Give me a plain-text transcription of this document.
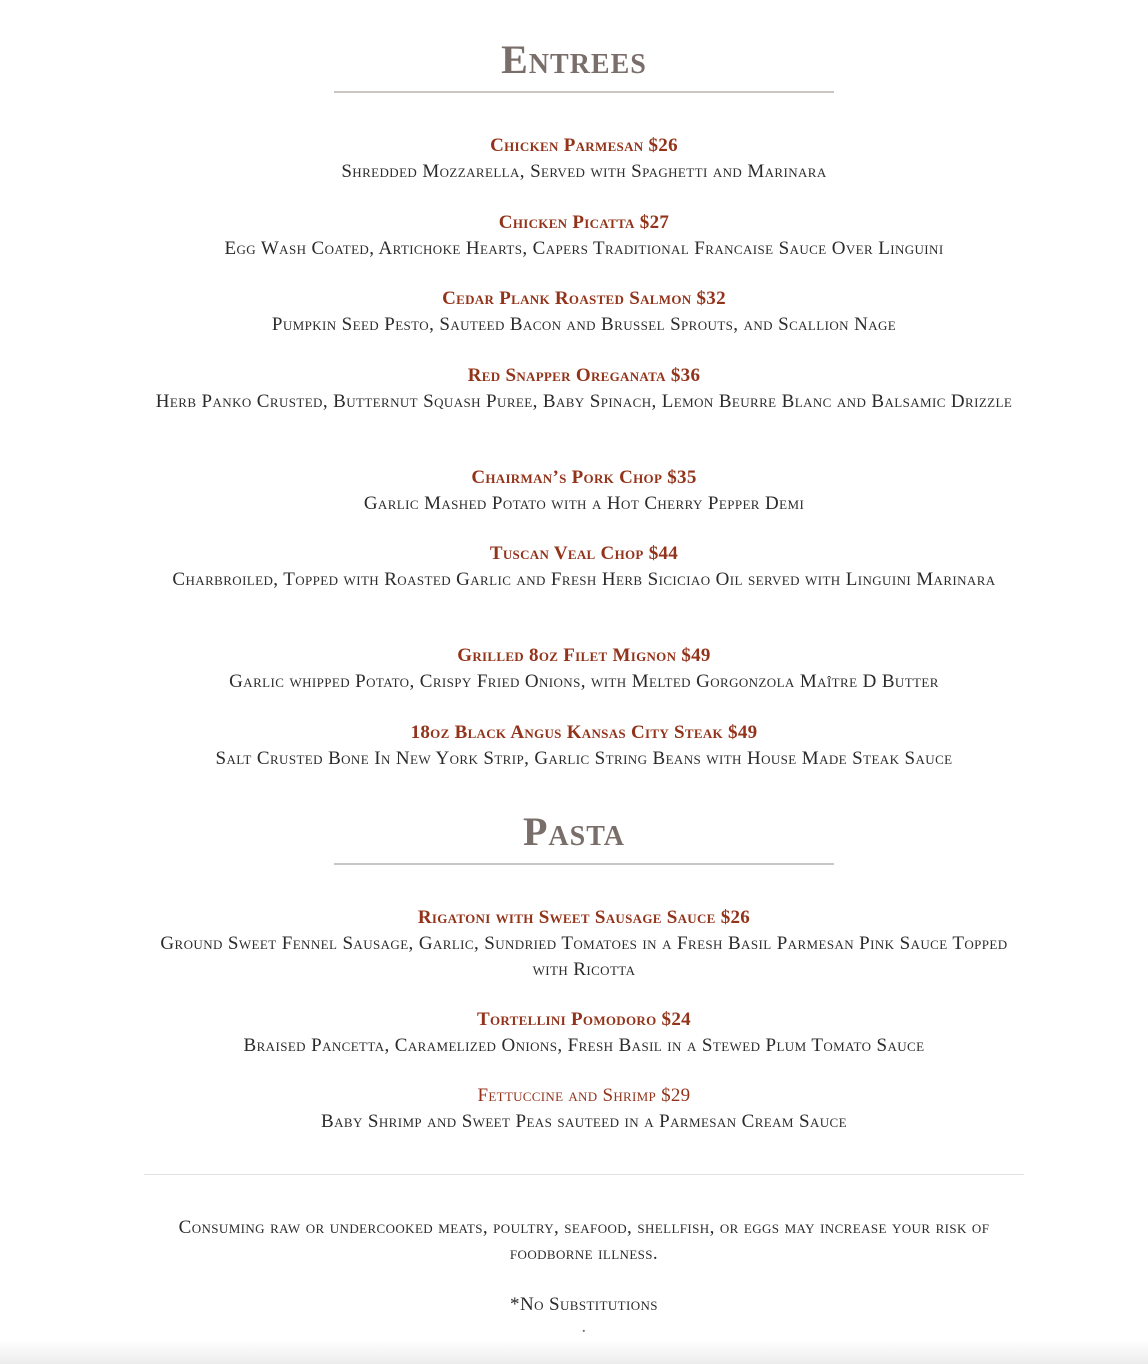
Entrees
Chicken Parmesan $26
Shredded Mozzarella, Served with Spaghetti and Marinara
Chicken Picatta $27
Egg Wash Coated, Artichoke Hearts, Capers Traditional Francaise Sauce Over Linguini
Cedar Plank Roasted Salmon $32
Pumpkin Seed Pesto, Sauteed Bacon and Brussel Sprouts, and Scallion Nage
Red Snapper Oreganata $36
Herb Panko Crusted, Butternut Squash Puree, Baby Spinach, Lemon Beurre Blanc and Balsamic Drizzle
Chairman’s Pork Chop $35
Garlic Mashed Potato with a Hot Cherry Pepper Demi
Tuscan Veal Chop $44
Charbroiled, Topped with Roasted Garlic and Fresh Herb Siciciao Oil served with Linguini Marinara
Grilled 8oz Filet Mignon $49
Garlic whipped Potato, Crispy Fried Onions, with Melted Gorgonzola Maître D Butter
18oz Black Angus Kansas City Steak $49
Salt Crusted Bone In New York Strip, Garlic String Beans with House Made Steak Sauce
Pasta
Rigatoni with Sweet Sausage Sauce $26
Ground Sweet Fennel Sausage, Garlic, Sundried Tomatoes in a Fresh Basil Parmesan Pink Sauce Topped with Ricotta
Tortellini Pomodoro $24
Braised Pancetta, Caramelized Onions, Fresh Basil in a Stewed Plum Tomato Sauce
Fettuccine and Shrimp $29
Baby Shrimp and Sweet Peas sauteed in a Parmesan Cream Sauce
Consuming raw or undercooked meats, poultry, seafood, shellfish, or eggs may increase your risk of foodborne illness.
*No Substitutions
.
